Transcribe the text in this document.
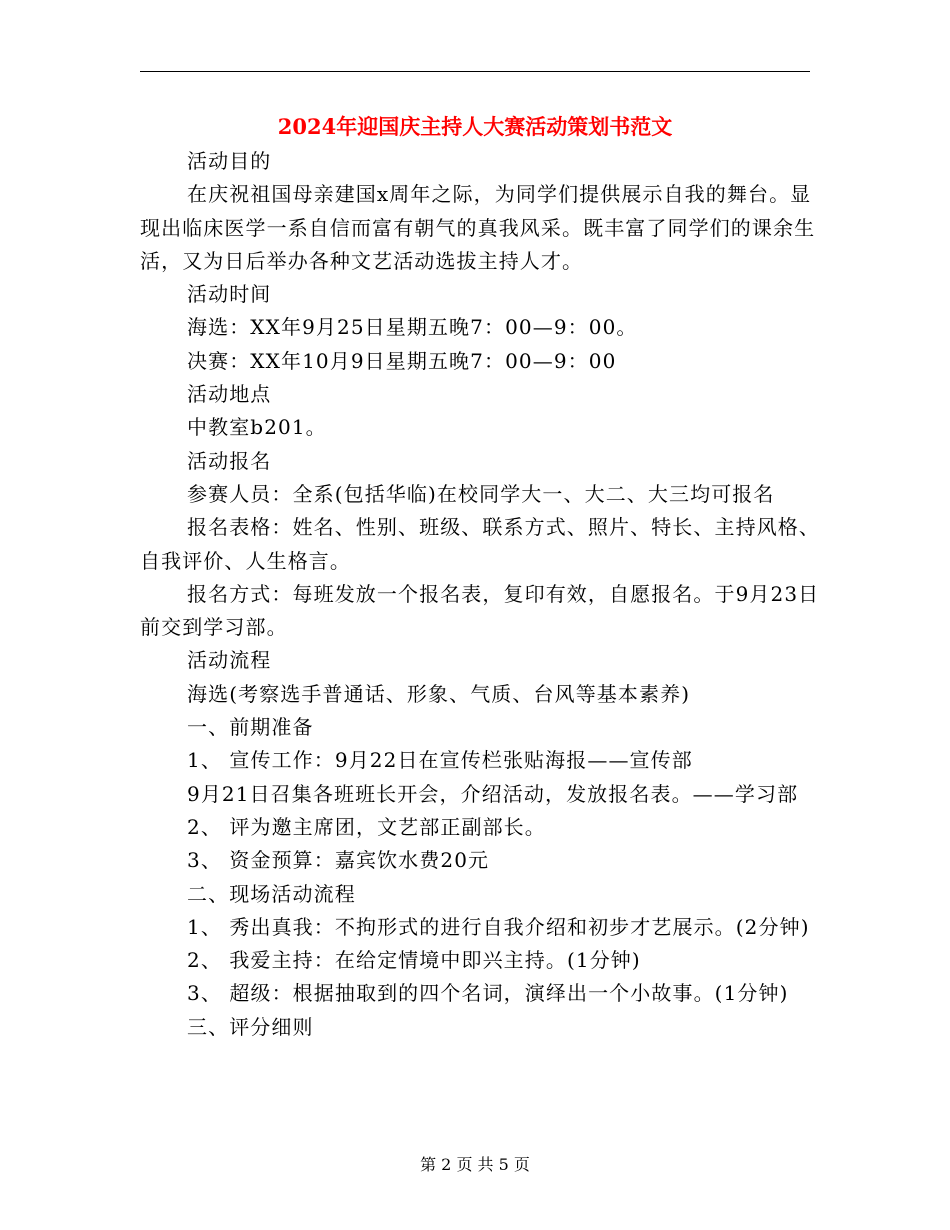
2024年迎国庆主持人大赛活动策划书范文

活动目的

在庆祝祖国母亲建国x周年之际，为同学们提供展示自我的舞台。显现出临床医学一系自信而富有朝气的真我风采。既丰富了同学们的课余生活，又为日后举办各种文艺活动选拔主持人才。

活动时间

海选：XX年9月25日星期五晚7：00—9：00。

决赛：XX年10月9日星期五晚7：00—9：00

活动地点

中教室b201。

活动报名

参赛人员：全系(包括华临)在校同学大一、大二、大三均可报名

报名表格：姓名、性别、班级、联系方式、照片、特长、主持风格、自我评价、人生格言。

报名方式：每班发放一个报名表，复印有效，自愿报名。于9月23日前交到学习部。

活动流程

海选(考察选手普通话、形象、气质、台风等基本素养)

一、前期准备

1、 宣传工作：9月22日在宣传栏张贴海报——宣传部

9月21日召集各班班长开会，介绍活动，发放报名表。——学习部

2、 评为邀主席团，文艺部正副部长。

3、 资金预算：嘉宾饮水费20元

二、现场活动流程

1、 秀出真我：不拘形式的进行自我介绍和初步才艺展示。(2分钟)

2、 我爱主持：在给定情境中即兴主持。(1分钟)

3、 超级：根据抽取到的四个名词，演绎出一个小故事。(1分钟)

三、评分细则

第 2 页 共 5 页
